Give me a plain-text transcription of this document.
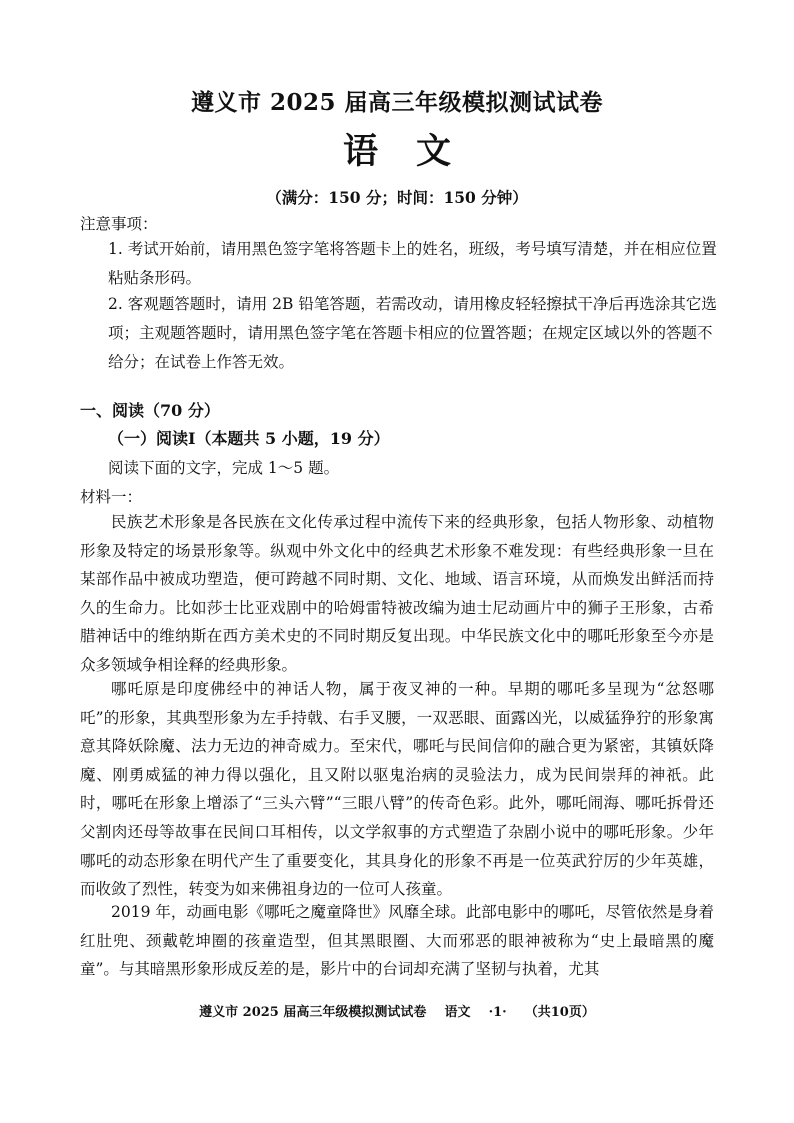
遵义市 2025 届高三年级模拟测试试卷
语文
（满分：150 分；时间：150 分钟）
注意事项：
1. 考试开始前，请用黑色签字笔将答题卡上的姓名，班级，考号填写清楚，并在相应位置粘贴条形码。
2. 客观题答题时，请用 2B 铅笔答题，若需改动，请用橡皮轻轻擦拭干净后再选涂其它选项；主观题答题时，请用黑色签字笔在答题卡相应的位置答题；在规定区域以外的答题不给分；在试卷上作答无效。
一、阅读（70 分）
（一）阅读Ⅰ（本题共 5 小题，19 分）
阅读下面的文字，完成 1～5 题。
材料一：

民族艺术形象是各民族在文化传承过程中流传下来的经典形象，包括人物形象、动植物形象及特定的场景形象等。纵观中外文化中的经典艺术形象不难发现：有些经典形象一旦在某部作品中被成功塑造，便可跨越不同时期、文化、地域、语言环境，从而焕发出鲜活而持久的生命力。比如莎士比亚戏剧中的哈姆雷特被改编为迪士尼动画片中的狮子王形象，古希腊神话中的维纳斯在西方美术史的不同时期反复出现。中华民族文化中的哪吒形象至今亦是众多领域争相诠释的经典形象。

哪吒原是印度佛经中的神话人物，属于夜叉神的一种。早期的哪吒多呈现为“忿怒哪吒”的形象，其典型形象为左手持戟、右手叉腰，一双恶眼、面露凶光，以威猛狰狞的形象寓意其降妖除魔、法力无边的神奇威力。至宋代，哪吒与民间信仰的融合更为紧密，其镇妖降魔、刚勇威猛的神力得以强化，且又附以驱鬼治病的灵验法力，成为民间崇拜的神祇。此时，哪吒在形象上增添了“三头六臂”“三眼八臂”的传奇色彩。此外，哪吒闹海、哪吒拆骨还父割肉还母等故事在民间口耳相传，以文学叙事的方式塑造了杂剧小说中的哪吒形象。少年哪吒的动态形象在明代产生了重要变化，其具身化的形象不再是一位英武狞厉的少年英雄，而收敛了烈性，转变为如来佛祖身边的一位可人孩童。

2019 年，动画电影《哪吒之魔童降世》风靡全球。此部电影中的哪吒，尽管依然是身着红肚兜、颈戴乾坤圈的孩童造型，但其黑眼圈、大而邪恶的眼神被称为“史上最暗黑的魔童”。与其暗黑形象形成反差的是，影片中的台词却充满了坚韧与执着，尤其

遵义市 2025 届高三年级模拟测试试卷    语文    ·1·    （共10页）
